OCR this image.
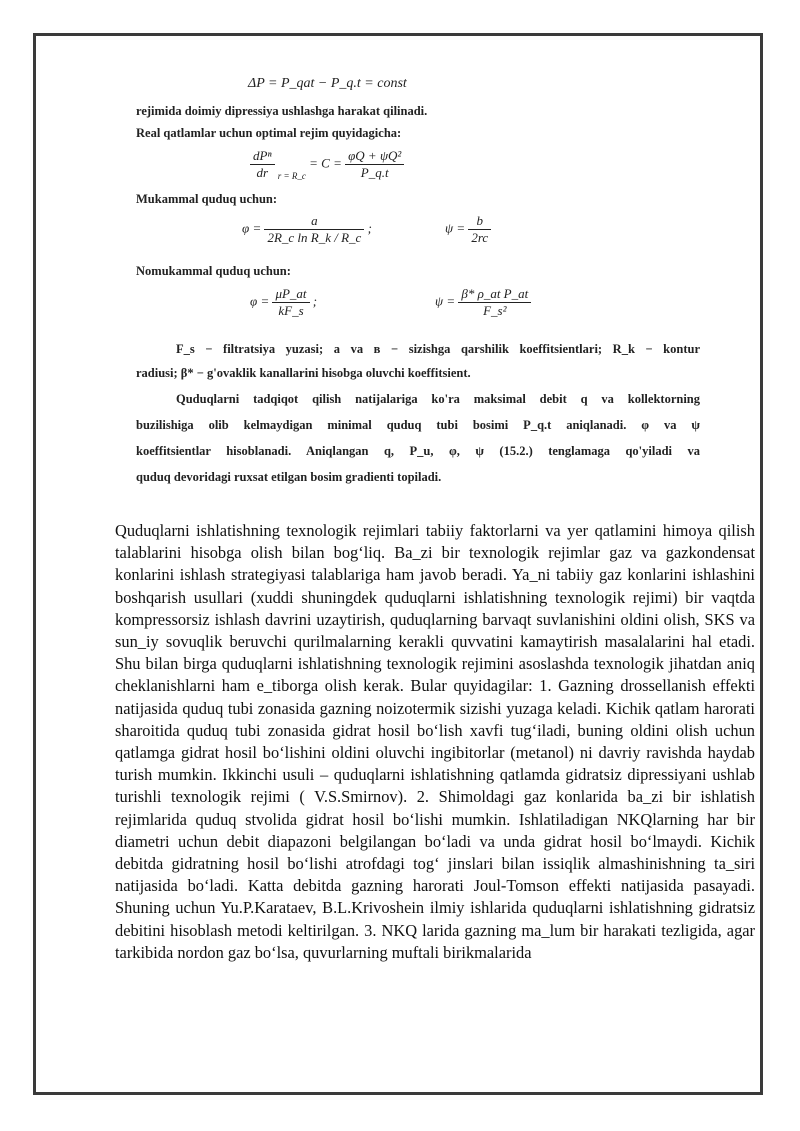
ΔP = P_qat − P_q.t = const
rejimida doimiy dipressiya ushlashga harakat qilinadi.
Real qatlamlar uchun optimal rejim quyidagicha:
$\frac{\text{dPⁿ}}{dr}$ r = R_c = $C = \frac{\text{φQ + ψQ²}}{P\_q.t}$
Mukammal quduq uchun:
$\varphi = \frac{a}{\text{2R\_c ln R\_k / R\_c}}$ ;	$\psi = \frac{b}{2rc}$
Nomukammal quduq uchun:
$\varphi = \frac{\mu P\_at}{kF\_s}$ ;	$\psi = \frac{\text{β* ρ\_at P\_at}}{\text{F\_s²}}$
F_s − filtratsiya yuzasi; a va в − sizishga qarshilik koeffitsientlari; R_k − kontur
radiusi; β* − g'ovaklik kanallarini hisobga oluvchi koeffitsient.
Quduqlarni tadqiqot qilish natijalariga ko'ra maksimal debit q va kollektorning
buzilishiga olib kelmaydigan minimal quduq tubi bosimi P_q.t aniqlanadi. φ va ψ
koeffitsientlar hisoblanadi. Aniqlangan q, P_u, φ, ψ (15.2.) tenglamaga qo'yiladi va
quduq devoridagi ruxsat etilgan bosim gradienti topiladi.
Quduqlarni ishlatishning texnologik rejimlari tabiiy faktorlarni va yer qatlamini himoya qilish talablarini hisobga olish bilan bog‘liq. Ba_zi bir texnologik rejimlar gaz va gazkondensat konlarini ishlash strategiyasi talablariga ham javob beradi. Ya_ni tabiiy gaz konlarini ishlashini boshqarish usullari (xuddi shuningdek quduqlarni ishlatishning texnologik rejimi) bir vaqtda kompressorsiz ishlash davrini uzaytirish, quduqlarning barvaqt suvlanishini oldini olish, SKS va sun_iy sovuqlik beruvchi qurilmalarning kerakli quvvatini kamaytirish masalalarini hal etadi. Shu bilan birga quduqlarni ishlatishning texnologik rejimini asoslashda texnologik jihatdan aniq cheklanishlarni ham e_tiborga olish kerak. Bular quyidagilar: 1. Gazning drossellanish effekti natijasida quduq tubi zonasida gazning noizotermik sizishi yuzaga keladi. Kichik qatlam harorati sharoitida quduq tubi zonasida gidrat hosil bo‘lish xavfi tug‘iladi, buning oldini olish uchun qatlamga gidrat hosil bo‘lishini oldini oluvchi ingibitorlar (metanol) ni davriy ravishda haydab turish mumkin. Ikkinchi usuli – quduqlarni ishlatishning qatlamda gidratsiz dipressiyani ushlab turishli texnologik rejimi ( V.S.Smirnov). 2. Shimoldagi gaz konlarida ba_zi bir ishlatish rejimlarida quduq stvolida gidrat hosil bo‘lishi mumkin. Ishlatiladigan NKQlarning har bir diametri uchun debit diapazoni belgilangan bo‘ladi va unda gidrat hosil bo‘lmaydi. Kichik debitda gidratning hosil bo‘lishi atrofdagi tog‘ jinslari bilan issiqlik almashinishning ta_siri natijasida bo‘ladi. Katta debitda gazning harorati Joul-Tomson effekti natijasida pasayadi. Shuning uchun Yu.P.Karataev, B.L.Krivoshein ilmiy ishlarida quduqlarni ishlatishning gidratsiz debitini hisoblash metodi keltirilgan. 3. NKQ larida gazning ma_lum bir harakati tezligida, agar tarkibida nordon gaz bo‘lsa, quvurlarning muftali birikmalarida
